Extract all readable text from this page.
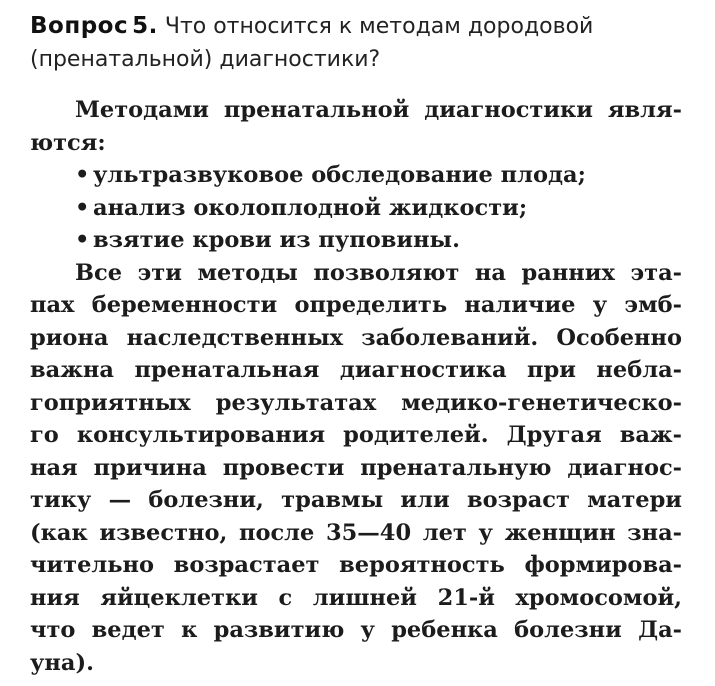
Вопрос 5. Что относится к методам дородовой
(пренатальной) диагностики?
Методами пренатальной диагностики явля-
ются:
• ультразвуковое обследование плода;
• анализ околоплодной жидкости;
• взятие крови из пуповины.
Все эти методы позволяют на ранних эта-
пах беременности определить наличие у эмб-
риона наследственных заболеваний. Особенно
важна пренатальная диагностика при небла-
гоприятных результатах медико-генетическо-
го консультирования родителей. Другая важ-
ная причина провести пренатальную диагнос-
тику — болезни, травмы или возраст матери
(как известно, после 35—40 лет у женщин зна-
чительно возрастает вероятность формирова-
ния яйцеклетки с лишней 21-й хромосомой,
что ведет к развитию у ребенка болезни Да-
уна).
